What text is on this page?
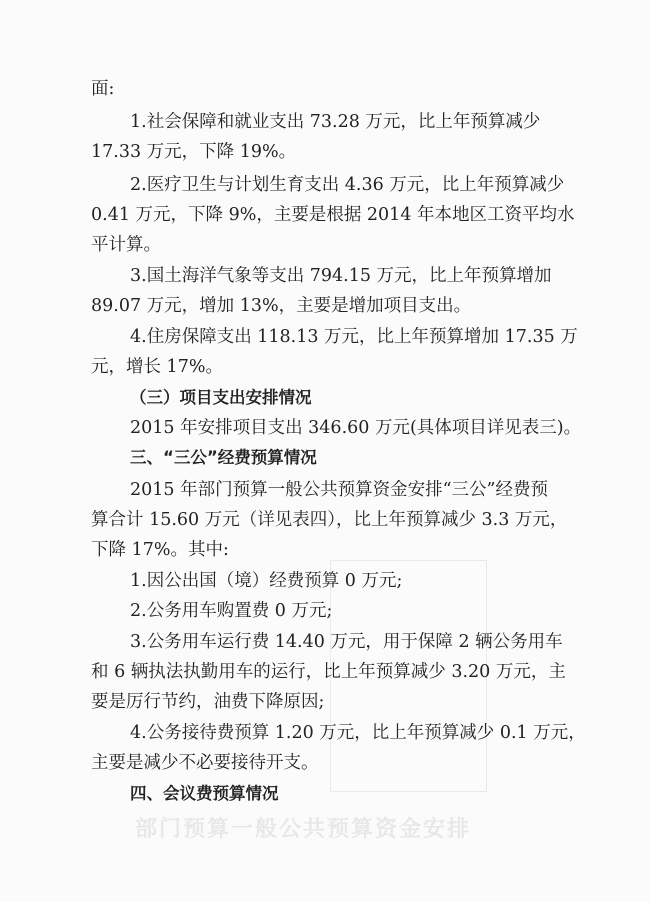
部门预算一般公共预算资金安排
面:
1.社会保障和就业支出 73.28 万元，比上年预算减少
17.33 万元，下降 19%。
2.医疗卫生与计划生育支出 4.36 万元，比上年预算减少
0.41 万元，下降 9%，主要是根据 2014 年本地区工资平均水
平计算。
3.国土海洋气象等支出 794.15 万元，比上年预算增加
89.07 万元，增加 13%，主要是增加项目支出。
4.住房保障支出 118.13 万元，比上年预算增加 17.35 万
元，增长 17%。
（三）项目支出安排情况
2015 年安排项目支出 346.60 万元(具体项目详见表三)。
三、“三公”经费预算情况
2015 年部门预算一般公共预算资金安排“三公”经费预
算合计 15.60 万元（详见表四），比上年预算减少 3.3 万元，
下降 17%。其中:
1.因公出国（境）经费预算 0 万元;
2.公务用车购置费 0 万元;
3.公务用车运行费 14.40 万元，用于保障 2 辆公务用车
和 6 辆执法执勤用车的运行，比上年预算减少 3.20 万元，主
要是厉行节约，油费下降原因;
4.公务接待费预算 1.20 万元，比上年预算减少 0.1 万元，
主要是减少不必要接待开支。
四、会议费预算情况
